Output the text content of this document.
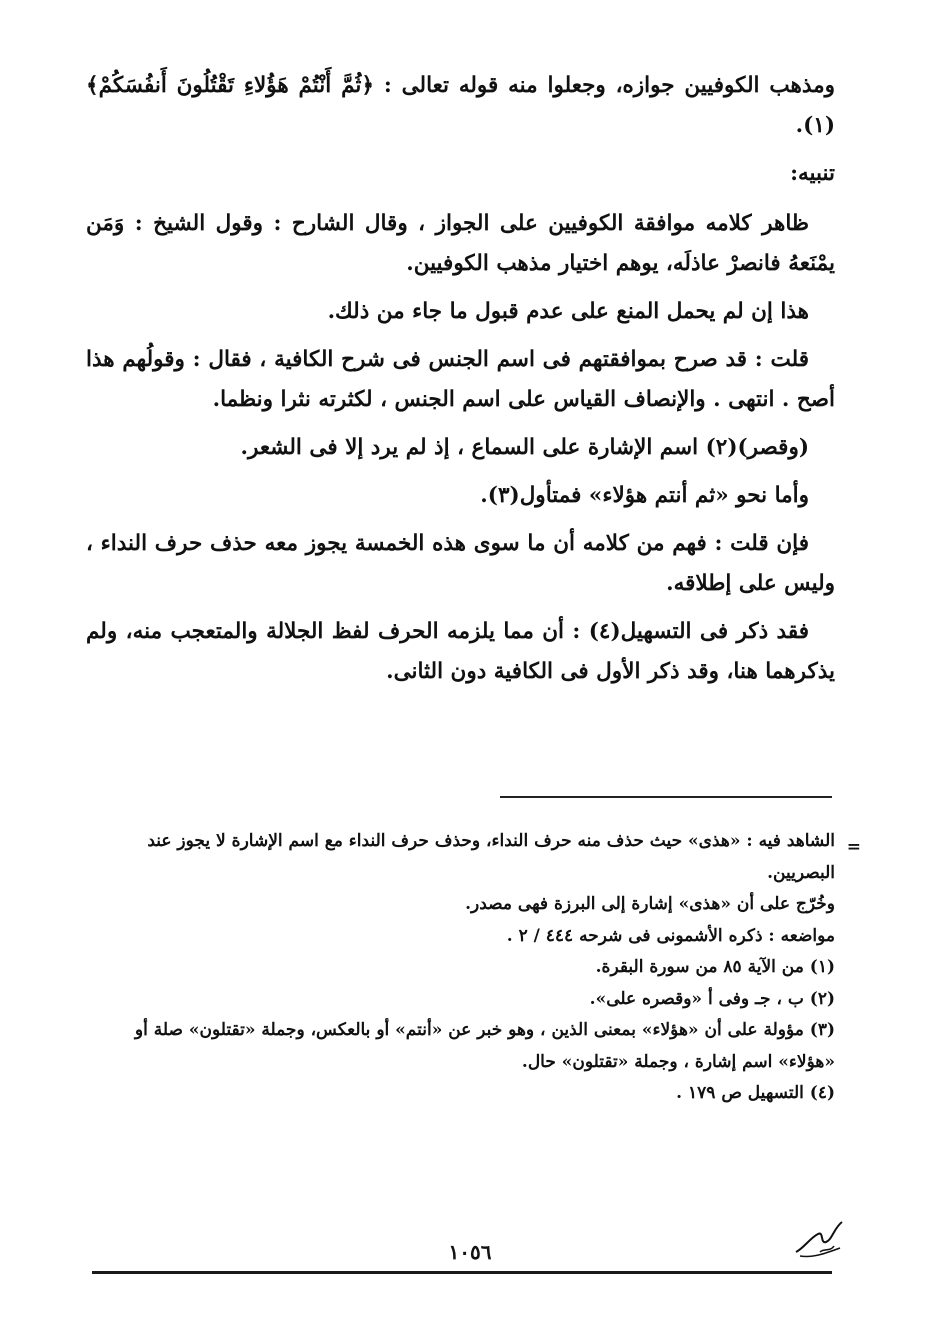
ومذهب الكوفيين جوازه، وجعلوا منه قوله تعالى : ﴿ثُمَّ أَنْتُمْ هَؤُلاءِ تَقْتُلُونَ أَنفُسَكُمْ﴾(١).

تنبيه:

ظاهر كلامه موافقة الكوفيين على الجواز ، وقال الشارح : وقول الشيخ : وَمَن يمْنَعهُ فانصرْ عاذلَه، يوهم اختيار مذهب الكوفيين.

هذا إن لم يحمل المنع على عدم قبول ما جاء من ذلك.

قلت : قد صرح بموافقتهم فى اسم الجنس فى شرح الكافية ، فقال : وقولُهم هذا أصح . انتهى . والإنصاف القياس على اسم الجنس ، لكثرته نثرا ونظما.

(وقصر)(٢) اسم الإشارة على السماع ، إذ لم يرد إلا فى الشعر.

وأما نحو «ثم أنتم هؤلاء» فمتأول(٣).

فإن قلت : فهم من كلامه أن ما سوى هذه الخمسة يجوز معه حذف حرف النداء ، وليس على إطلاقه.

فقد ذكر فى التسهيل(٤) : أن مما يلزمه الحرف لفظ الجلالة والمتعجب منه، ولم يذكرهما هنا، وقد ذكر الأول فى الكافية دون الثانى.

=

الشاهد فيه : «هذى» حيث حذف منه حرف النداء، وحذف حرف النداء مع اسم الإشارة لا يجوز عند البصريين.

وخُرّج على أن «هذى» إشارة إلى البرزة فهى مصدر.

مواضعه : ذكره الأشمونى فى شرحه ٤٤٤ / ٢ .

(١) من الآية ٨٥ من سورة البقرة.

(٢) ب ، جـ وفى أ «وقصره على».

(٣) مؤولة على أن «هؤلاء» بمعنى الذين ، وهو خبر عن «أنتم» أو بالعكس، وجملة «تقتلون» صلة أو «هؤلاء» اسم إشارة ، وجملة «تقتلون» حال.

(٤) التسهيل ص ١٧٩ .

١٠٥٦
